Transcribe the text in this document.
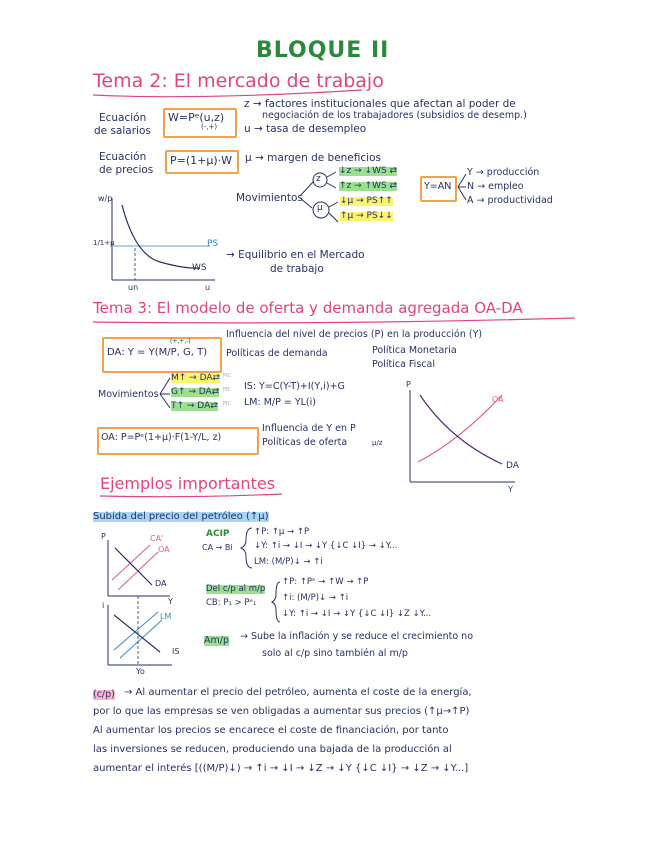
BLOQUE II
Tema 2: El mercado de trabajo
Ecuación
de salarios
W=Pᵉ(u,z)
(-,+)
z → factores institucionales que afectan al poder de
negociación de los trabajadores (subsidios de desemp.)
u → tasa de desempleo
Ecuación
de precios
P=(1+μ)·W μ → margen de beneficios
Movimientos
z
μ
↓z → ↓WS ⇄
↑z → ↑WS ⇄
↓μ → PS↑↑
↑μ → PS↓↓
Y=AN
Y → producción
N → empleo
A → productividad
w/p
1/1+μ	PS
WS
un	u
→ Equilibrio en el Mercado
de trabajo
Tema 3: El modelo de oferta y demanda agregada OA-DA
DA: Y = Y(M/P, G, T)
(+,+,-)
Influencia del nivel de precios (P) en la producción (Y)
Políticas de demanda	Política Monetaria
Política Fiscal
Movimientos
M↑ → DA⇄
G↑ → DA⇄
T↑ → DA⇄
PIC
PIC
PIC
IS: Y=C(Y-T)+I(Y,i)+G
LM: M/P = YL(i)
OA: P=Pᵉ(1+μ)·F(1-Y/L, z)
Influencia de Y en P
Políticas de oferta	μ/z
P
OA
DA
Y
Ejemplos importantes
Subida del precio del petróleo (↑μ)
P	CA'
OA
DA
i
LM
IS
Y
Yo
ACIP
CA → Bi
↑P: ↑μ → ↑P
↓Y: ↑i → ↓I → ↓Y {↓C ↓I} → ↓Y...
LM: (M/P)↓ → ↑i
Del c/p al m/p
CB: P₁ > Pᵉ₁
↑P: ↑Pᵉ → ↑W → ↑P
↑i: (M/P)↓ → ↑i
↓Y: ↑i → ↓I → ↓Y {↓C ↓I} ↓Z ↓Y...
Am/p → Sube la inflación y se reduce el crecimiento no
solo al c/p sino también al m/p
(c/p) → Al aumentar el precio del petróleo, aumenta el coste de la energía,
por lo que las empresas se ven obligadas a aumentar sus precios (↑μ→↑P)
Al aumentar los precios se encarece el coste de financiación, por tanto
las inversiones se reducen, produciendo una bajada de la producción al
aumentar el interés [((M/P)↓) → ↑i → ↓I → ↓Z → ↓Y {↓C ↓I} → ↓Z → ↓Y...]
